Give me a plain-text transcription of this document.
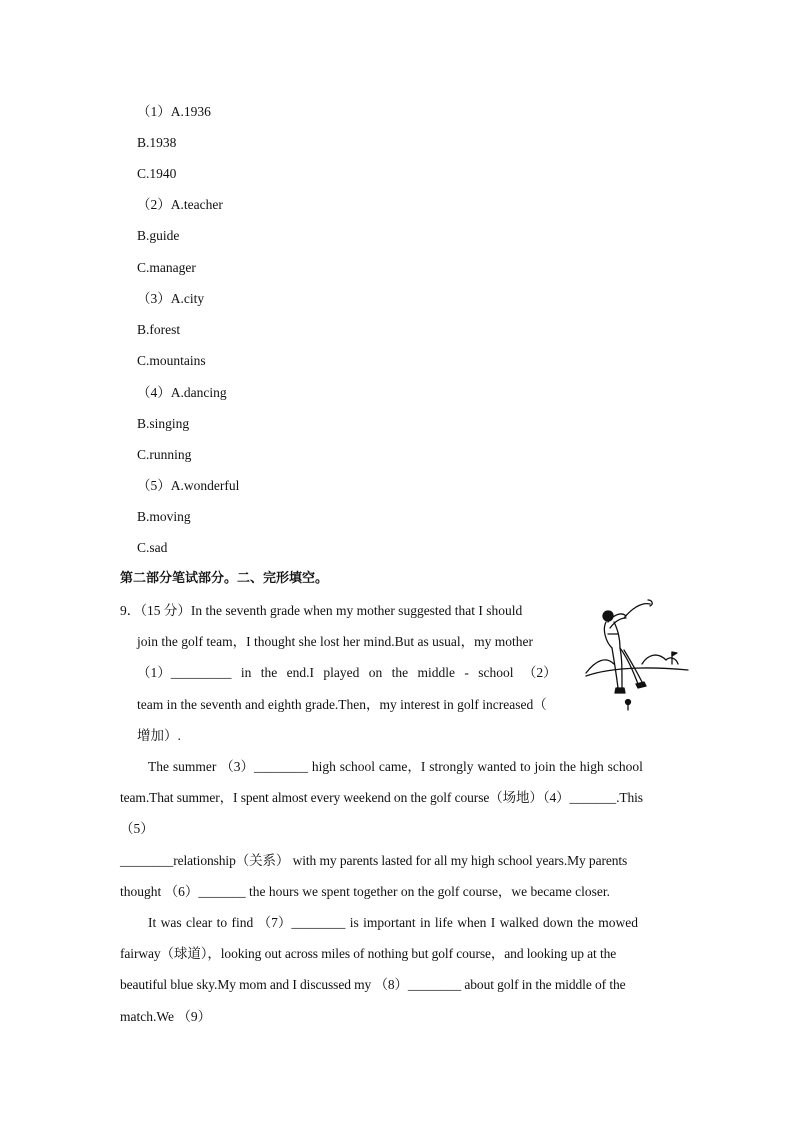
（1）A.1936
B.1938
C.1940
（2）A.teacher
B.guide
C.manager
（3）A.city
B.forest
C.mountains
（4）A.dancing
B.singing
C.running
（5）A.wonderful
B.moving
C.sad
第二部分笔试部分。二、完形填空。
9．（15 分）In the seventh grade when my mother suggested that I should
join the golf team，I thought she lost her mind.But as usual，my mother
（1）_________ in the end.I played on the middle - school （2）
team in the seventh and eighth grade.Then，my interest in golf increased（
增加）.
The summer （3）________ high school came，I strongly wanted to join the high school
team.That summer，I spent almost every weekend on the golf course（场地）（4）_______.This
（5）
________relationship（关系） with my parents lasted for all my high school years.My parents
thought （6）_______ the hours we spent together on the golf course，we became closer.
It was clear to find （7）________ is important in life when I walked down the mowed
fairway（球道），looking out across miles of nothing but golf course，and looking up at the
beautiful blue sky.My mom and I discussed my （8）________ about golf in the middle of the
match.We （9）
